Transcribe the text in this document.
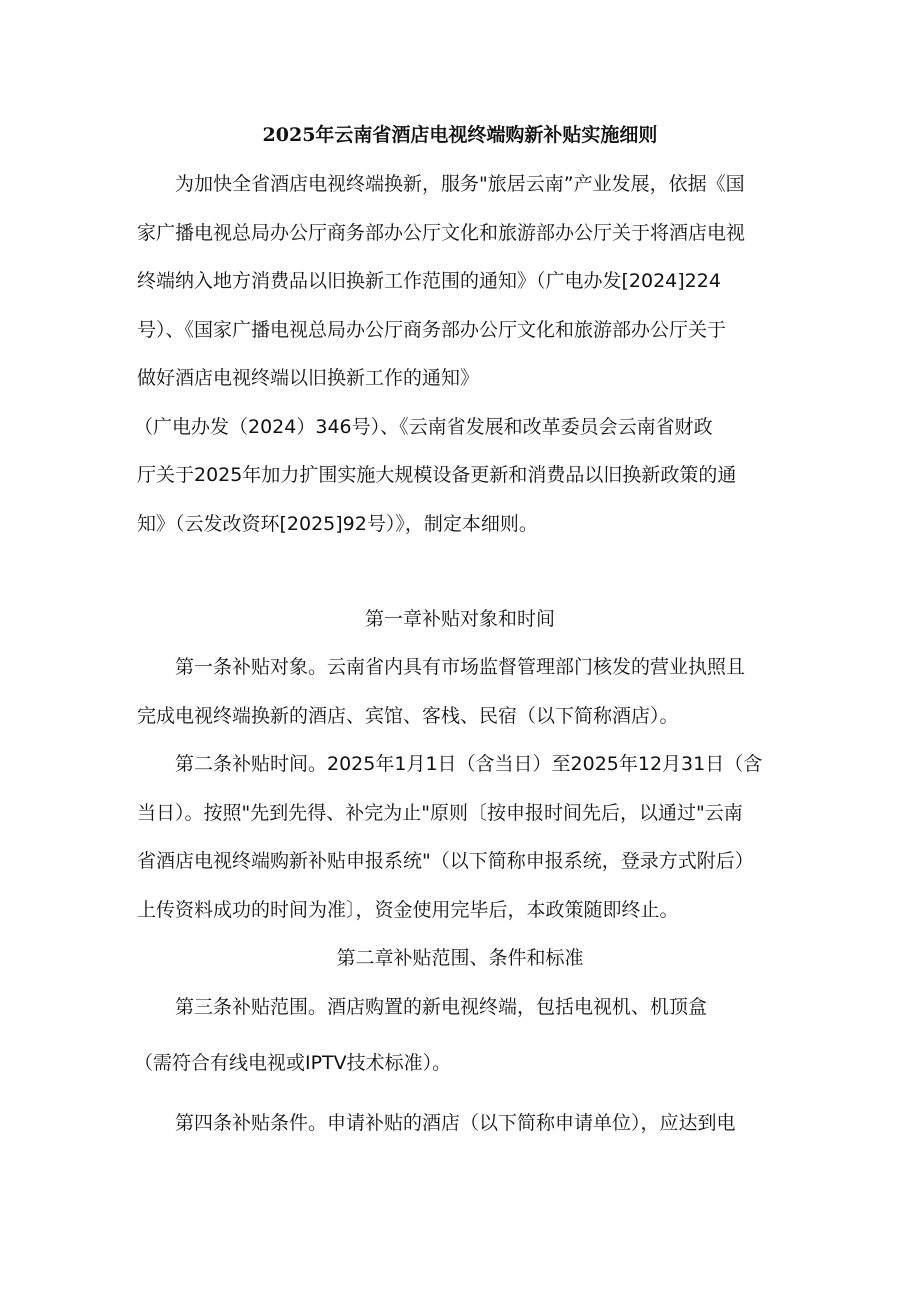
2025年云南省酒店电视终端购新补贴实施细则
为加快全省酒店电视终端换新，服务"旅居云南”产业发展，依据《国
家广播电视总局办公厅商务部办公厅文化和旅游部办公厅关于将酒店电视
终端纳入地方消费品以旧换新工作范围的通知》（广电办发[2024]224
号）、《国家广播电视总局办公厅商务部办公厅文化和旅游部办公厅关于
做好酒店电视终端以旧换新工作的通知》
（广电办发（2024）346号）、《云南省发展和改革委员会云南省财政
厅关于2025年加力扩围实施大规模设备更新和消费品以旧换新政策的通
知》（云发改资环[2025]92号）》，制定本细则。
第一章补贴对象和时间
第一条补贴对象。云南省内具有市场监督管理部门核发的营业执照且
完成电视终端换新的酒店、宾馆、客栈、民宿（以下简称酒店）。
第二条补贴时间。2025年1月1日（含当日）至2025年12月31日（含
当日）。按照"先到先得、补完为止"原则〔按申报时间先后，以通过"云南
省酒店电视终端购新补贴申报系统"（以下简称申报系统，登录方式附后）
上传资料成功的时间为准〕，资金使用完毕后，本政策随即终止。
第二章补贴范围、条件和标准
第三条补贴范围。酒店购置的新电视终端，包括电视机、机顶盒
（需符合有线电视或IPTV技术标准）。
第四条补贴条件。申请补贴的酒店（以下简称申请单位），应达到电
